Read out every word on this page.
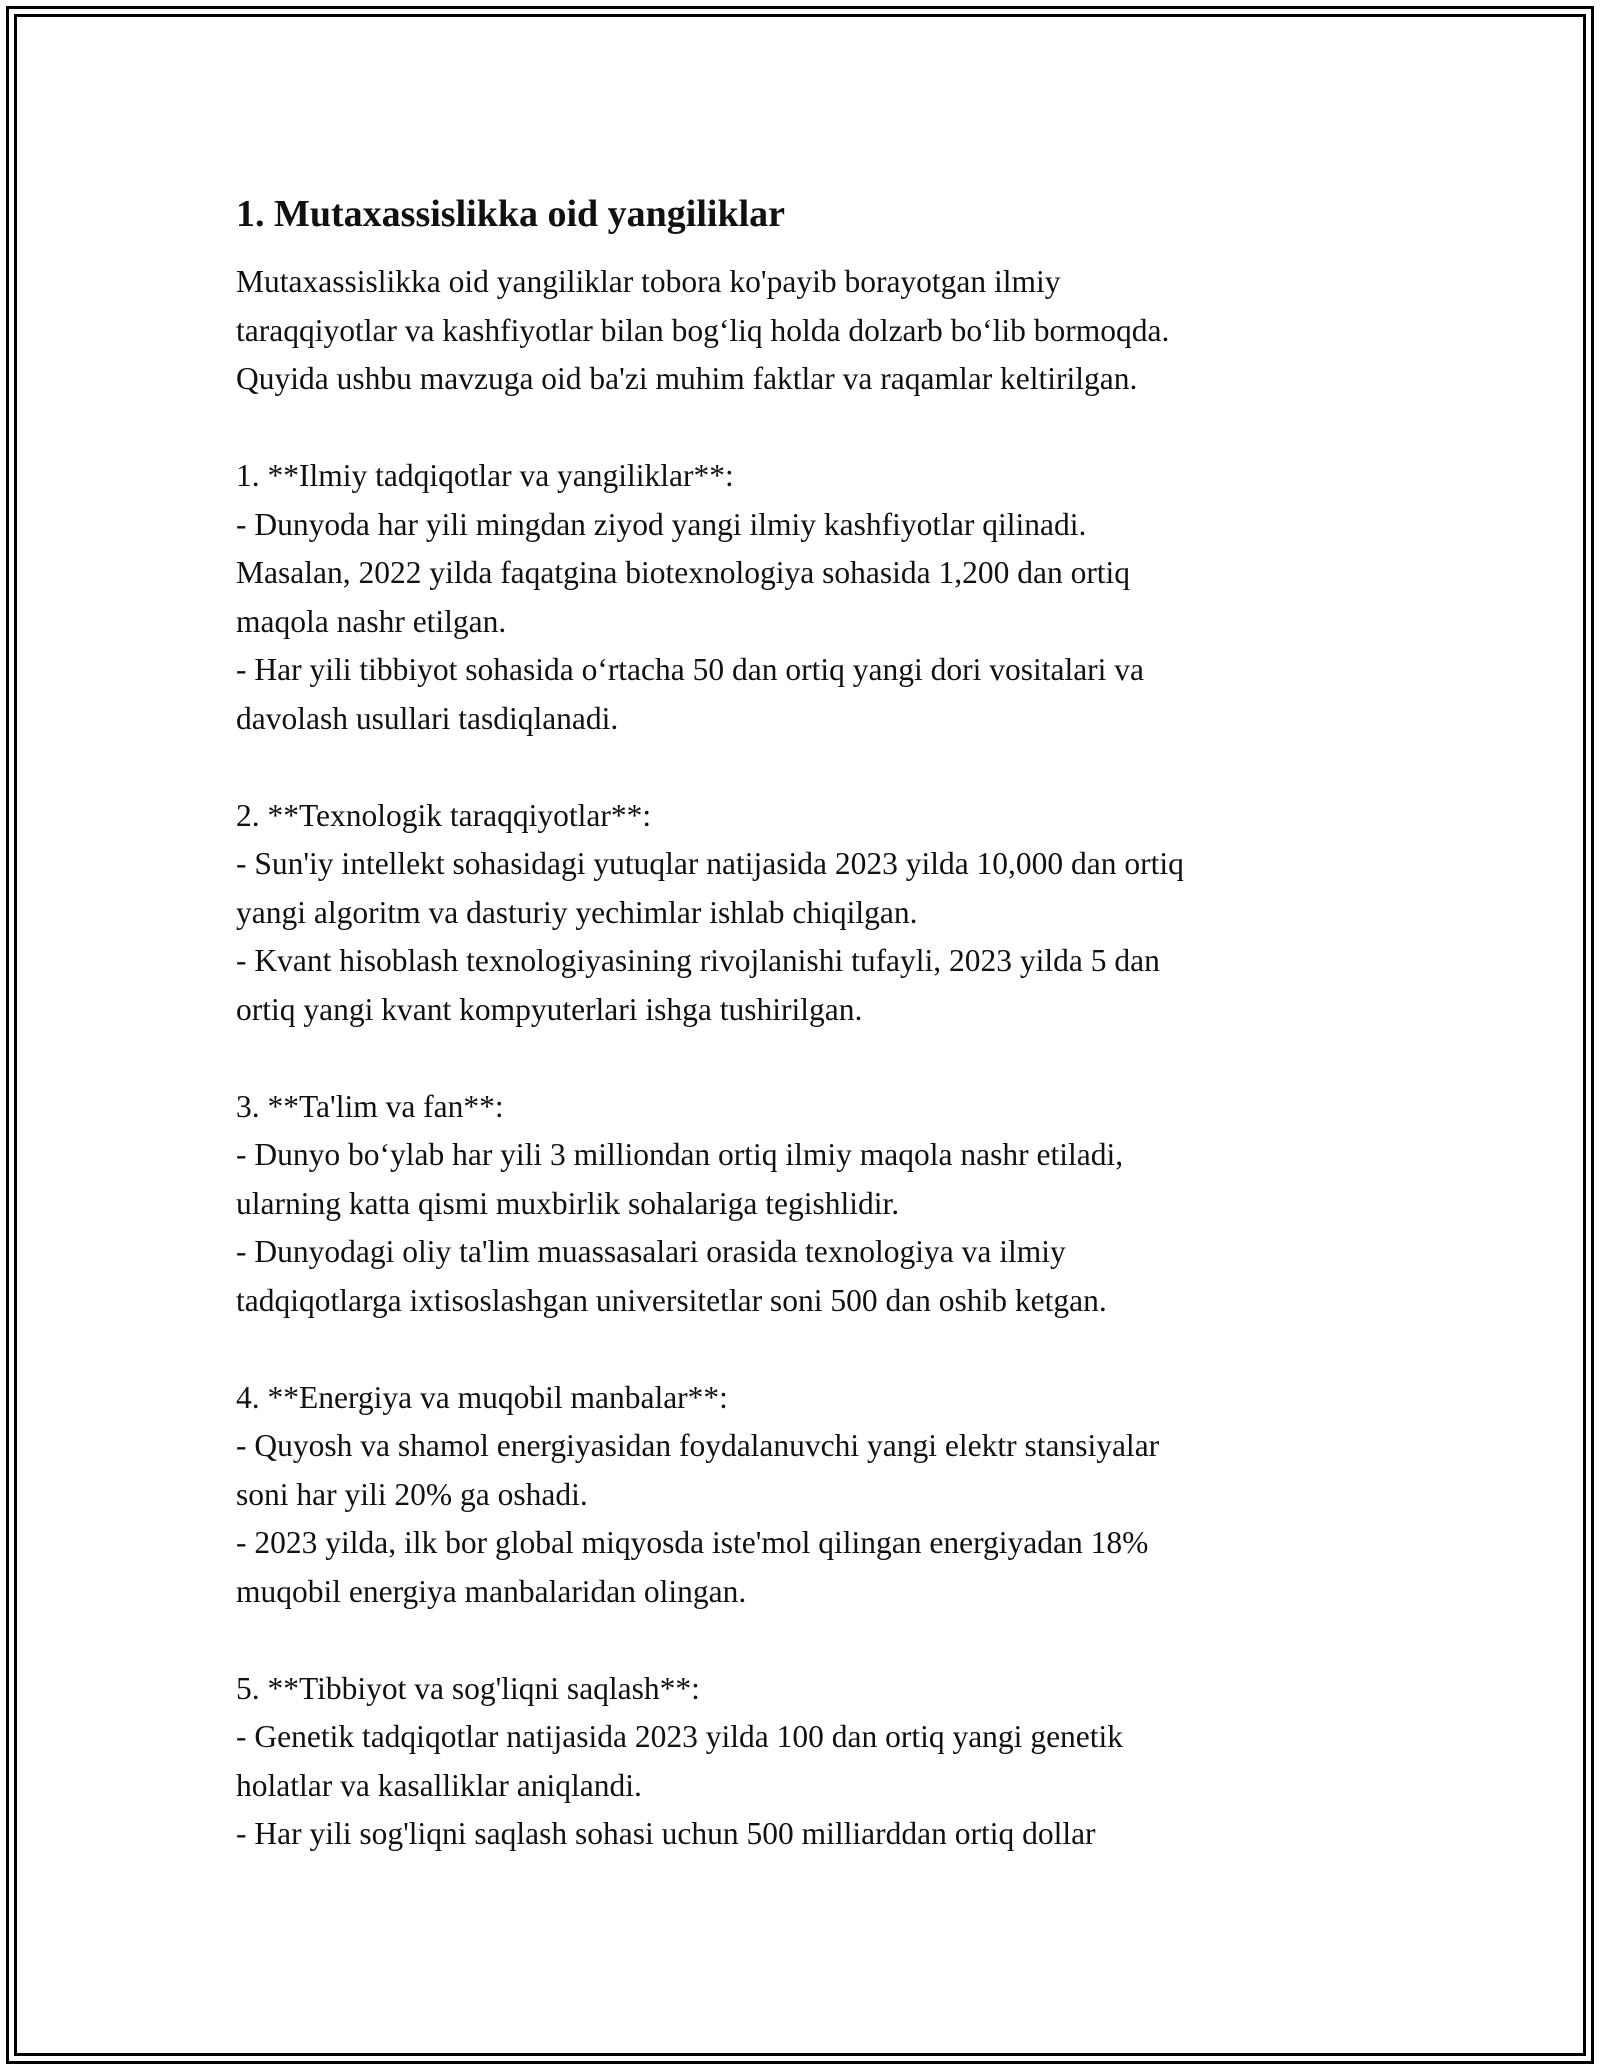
1. Mutaxassislikka oid yangiliklar

Mutaxassislikka oid yangiliklar tobora ko'payib borayotgan ilmiy
taraqqiyotlar va kashfiyotlar bilan bog‘liq holda dolzarb bo‘lib bormoqda.
Quyida ushbu mavzuga oid ba'zi muhim faktlar va raqamlar keltirilgan.

1. **Ilmiy tadqiqotlar va yangiliklar**:

- Dunyoda har yili mingdan ziyod yangi ilmiy kashfiyotlar qilinadi.
Masalan, 2022 yilda faqatgina biotexnologiya sohasida 1,200 dan ortiq
maqola nashr etilgan.

- Har yili tibbiyot sohasida o‘rtacha 50 dan ortiq yangi dori vositalari va
davolash usullari tasdiqlanadi.

2. **Texnologik taraqqiyotlar**:

- Sun'iy intellekt sohasidagi yutuqlar natijasida 2023 yilda 10,000 dan ortiq
yangi algoritm va dasturiy yechimlar ishlab chiqilgan.

- Kvant hisoblash texnologiyasining rivojlanishi tufayli, 2023 yilda 5 dan
ortiq yangi kvant kompyuterlari ishga tushirilgan.

3. **Ta'lim va fan**:

- Dunyo bo‘ylab har yili 3 milliondan ortiq ilmiy maqola nashr etiladi,
ularning katta qismi muxbirlik sohalariga tegishlidir.

- Dunyodagi oliy ta'lim muassasalari orasida texnologiya va ilmiy
tadqiqotlarga ixtisoslashgan universitetlar soni 500 dan oshib ketgan.

4. **Energiya va muqobil manbalar**:

- Quyosh va shamol energiyasidan foydalanuvchi yangi elektr stansiyalar
soni har yili 20% ga oshadi.

- 2023 yilda, ilk bor global miqyosda iste'mol qilingan energiyadan 18%
muqobil energiya manbalaridan olingan.

5. **Tibbiyot va sog'liqni saqlash**:

- Genetik tadqiqotlar natijasida 2023 yilda 100 dan ortiq yangi genetik
holatlar va kasalliklar aniqlandi.

- Har yili sog'liqni saqlash sohasi uchun 500 milliarddan ortiq dollar
